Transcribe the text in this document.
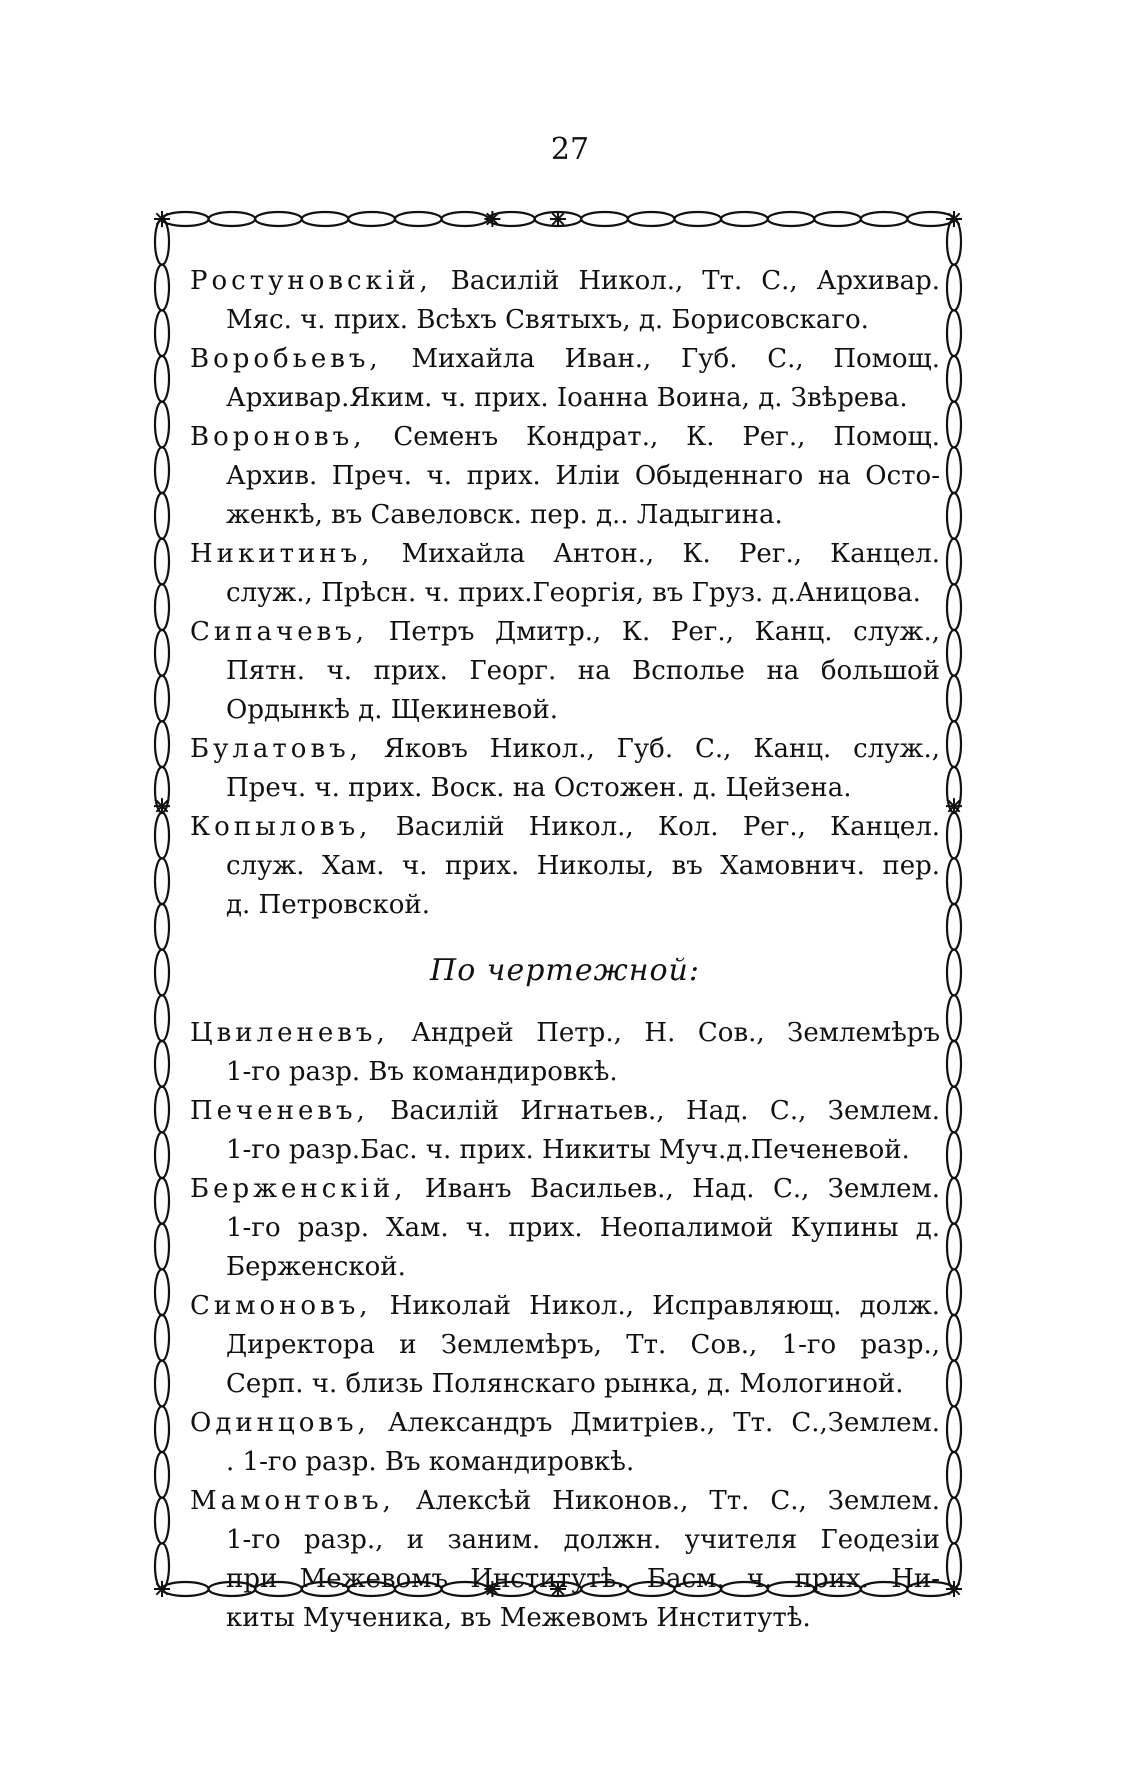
27
Ростуновскій, Василій Никол., Тт. С., Архивар.
Мяс. ч. прих. Всѣхъ Святыхъ, д. Борисовскаго.
Воробьевъ, Михайла Иван., Губ. С., Помощ.
Архивар.Яким. ч. прих. Іоанна Воина, д. Звѣрева.
Вороновъ, Семенъ Кондрат., К. Рег., Помощ.
Архив. Преч. ч. прих. Иліи Обыденнаго на Осто-
женкѣ, въ Савеловск. пер. д.. Ладыгина.
Никитинъ, Михайла Антон., К. Рег., Канцел.
служ., Прѣсн. ч. прих.Георгія, въ Груз. д.Аницова.
Сипачевъ, Петръ Дмитр., К. Рег., Канц. служ.,
Пятн. ч. прих. Георг. на Всполье на большой
Ордынкѣ д. Щекиневой.
Булатовъ, Яковъ Никол., Губ. С., Канц. служ.,
Преч. ч. прих. Воск. на Остожен. д. Цейзена.
Копыловъ, Василій Никол., Кол. Рег., Канцел.
служ. Хам. ч. прих. Николы, въ Хамовнич. пер.
д. Петровской.
По чертежной:
Цвиленевъ, Андрей Петр., Н. Сов., Землемѣръ
1-го разр. Въ командировкѣ.
Печеневъ, Василій Игнатьев., Над. С., Землем.
1-го разр.Бас. ч. прих. Никиты Муч.д.Печеневой.
Берженскій, Иванъ Васильев., Над. С., Землем.
1-го разр. Хам. ч. прих. Неопалимой Купины д.
Берженской.
Симоновъ, Николай Никол., Исправляющ. долж.
Директора и Землемѣръ, Тт. Сов., 1-го разр.,
Серп. ч. близь Полянскаго рынка, д. Мологиной.
Одинцовъ, Александръ Дмитріев., Тт. С.,Землем.
. 1-го разр. Въ командировкѣ.
Мамонтовъ, Алексѣй Никонов., Тт. С., Землем.
1-го разр., и заним. должн. учителя Геодезіи
при Межевомъ Институтѣ. Басм. ч. прих. Ни-
киты Мученика, въ Межевомъ Институтѣ.
